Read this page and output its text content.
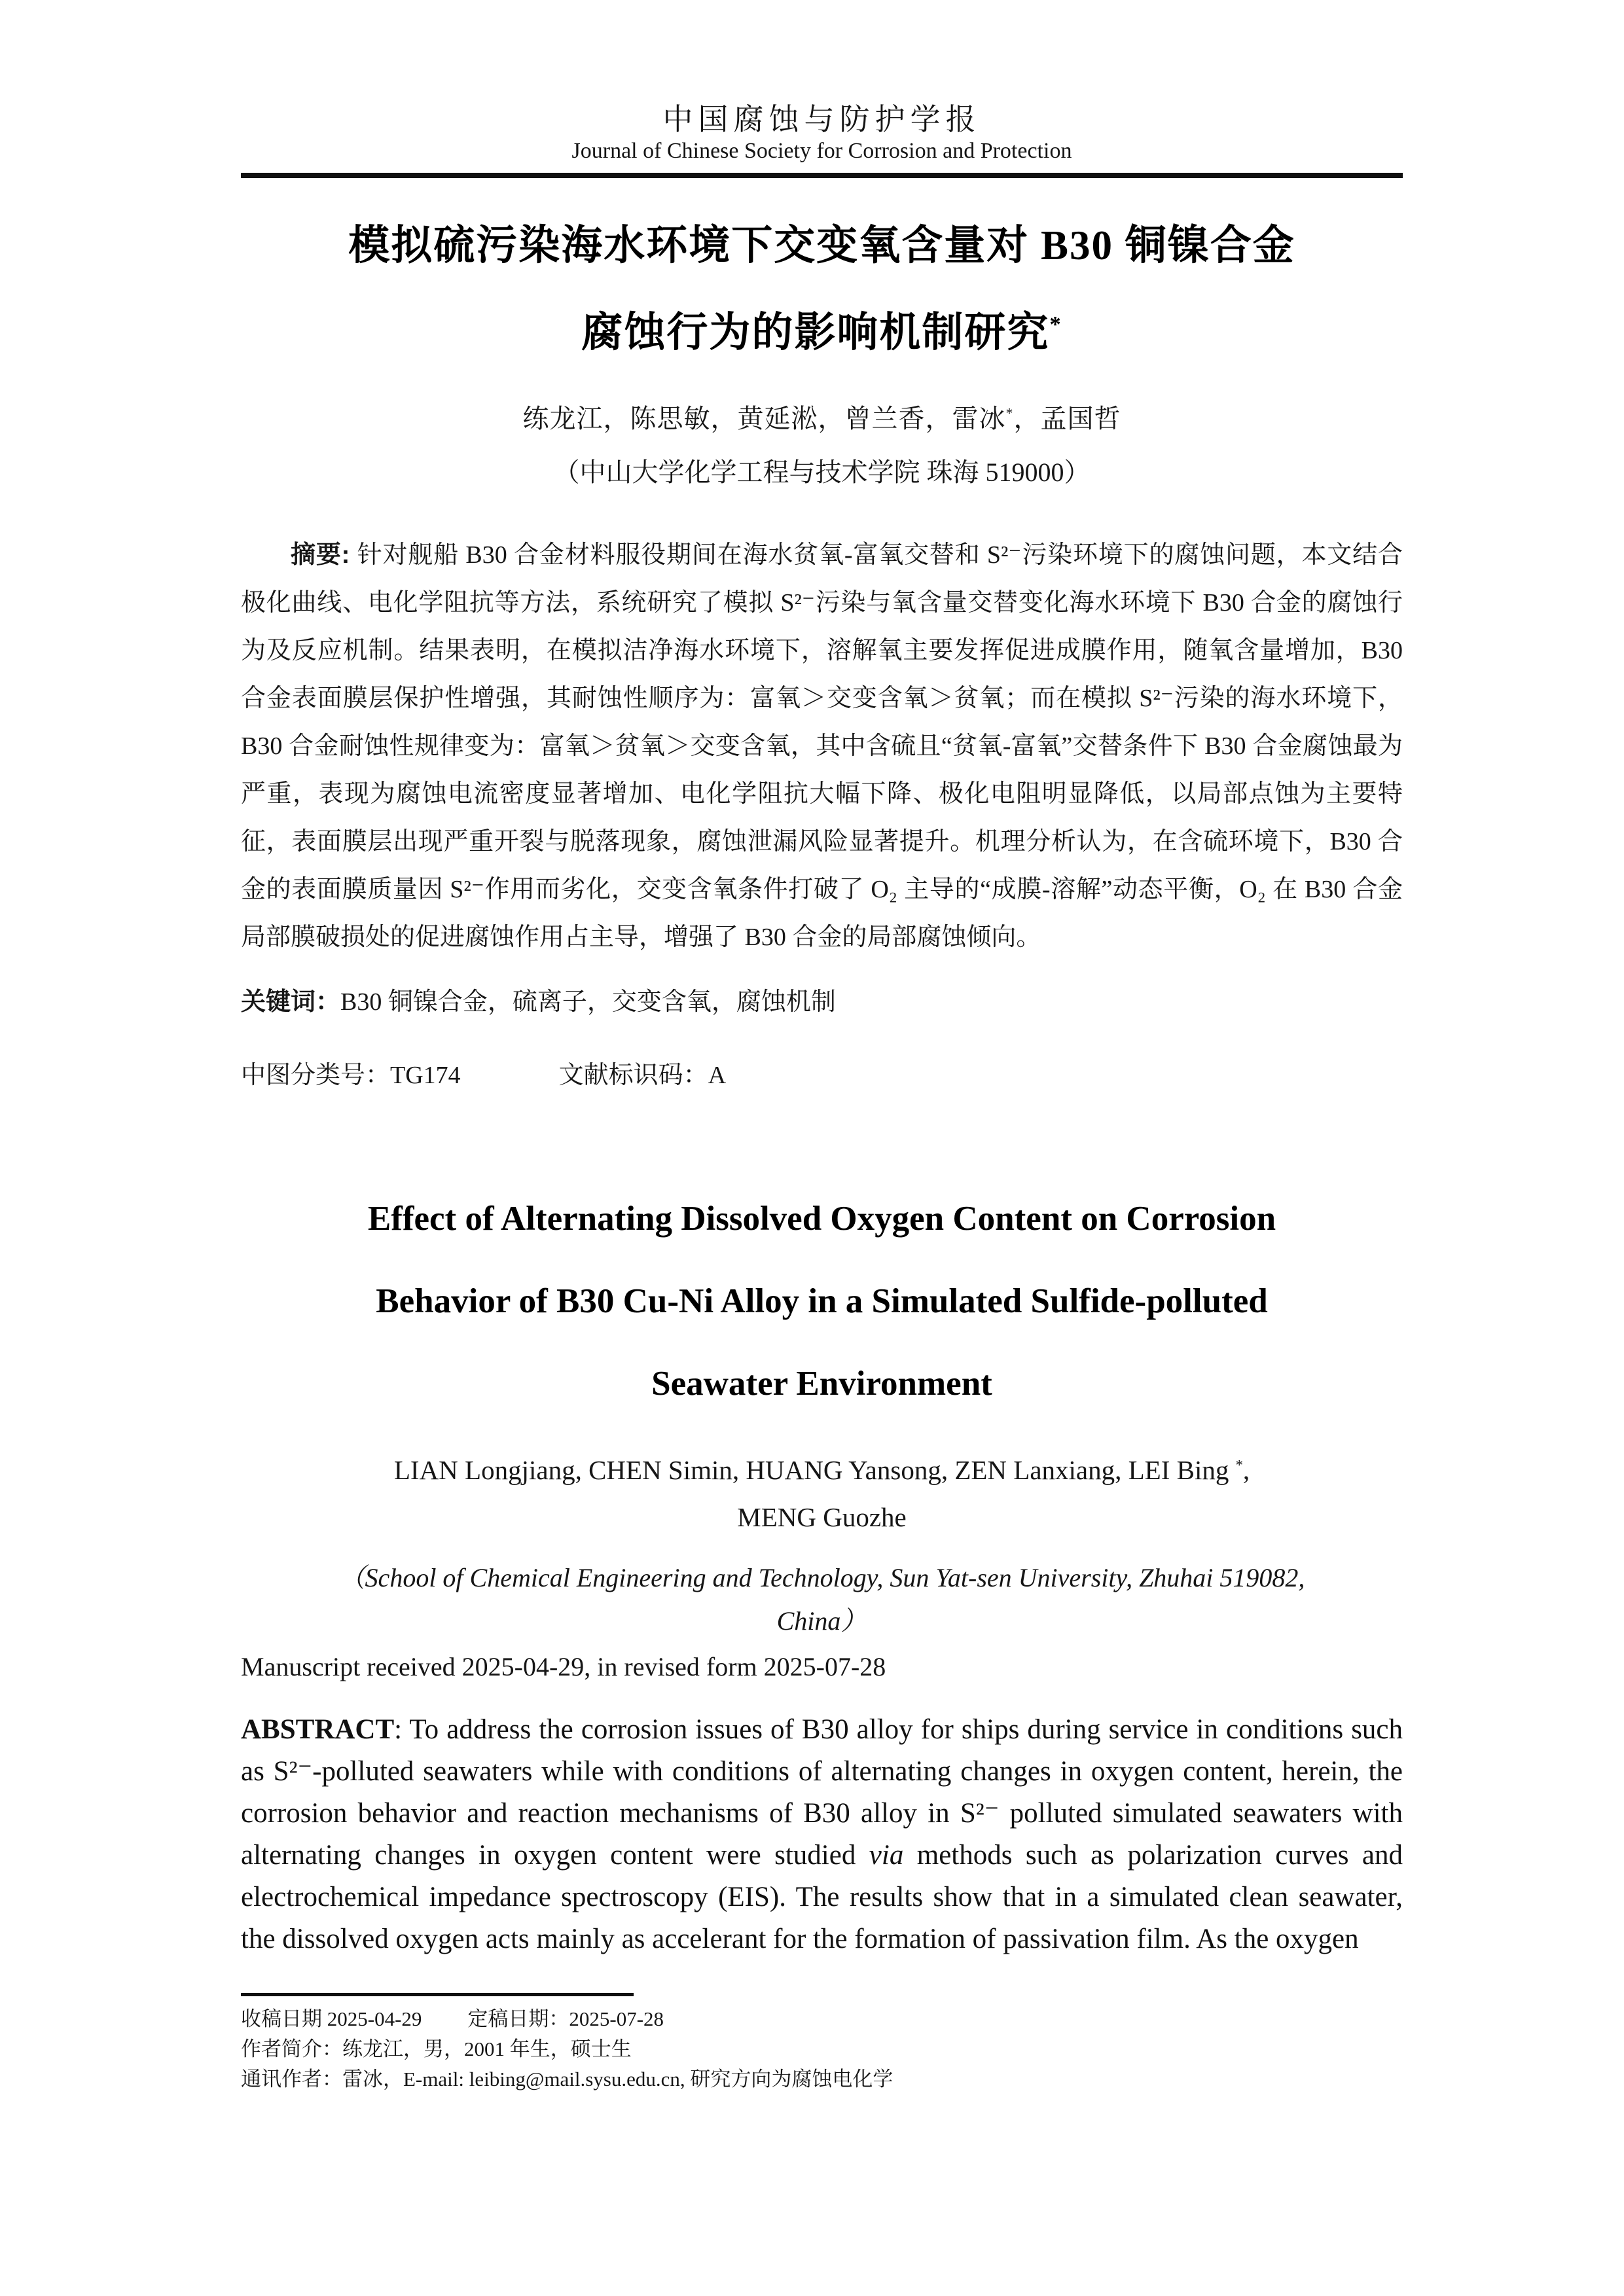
中国腐蚀与防护学报
Journal of Chinese Society for Corrosion and Protection
模拟硫污染海水环境下交变氧含量对 B30 铜镍合金
腐蚀行为的影响机制研究*
练龙江，陈思敏，黄延淞，曾兰香，雷冰*，孟国哲
（中山大学化学工程与技术学院 珠海 519000）

摘要: 针对舰船 B30 合金材料服役期间在海水贫氧-富氧交替和 S²⁻污染环境下的腐蚀问题，本文结合极化曲线、电化学阻抗等方法，系统研究了模拟 S²⁻污染与氧含量交替变化海水环境下 B30 合金的腐蚀行为及反应机制。结果表明，在模拟洁净海水环境下，溶解氧主要发挥促进成膜作用，随氧含量增加，B30 合金表面膜层保护性增强，其耐蚀性顺序为：富氧＞交变含氧＞贫氧；而在模拟 S²⁻污染的海水环境下，B30 合金耐蚀性规律变为：富氧＞贫氧＞交变含氧，其中含硫且“贫氧-富氧”交替条件下 B30 合金腐蚀最为严重，表现为腐蚀电流密度显著增加、电化学阻抗大幅下降、极化电阻明显降低，以局部点蚀为主要特征，表面膜层出现严重开裂与脱落现象，腐蚀泄漏风险显著提升。机理分析认为，在含硫环境下，B30 合金的表面膜质量因 S²⁻作用而劣化，交变含氧条件打破了 O₂ 主导的“成膜-溶解”动态平衡，O₂ 在 B30 合金局部膜破损处的促进腐蚀作用占主导，增强了 B30 合金的局部腐蚀倾向。

关键词：B30 铜镍合金，硫离子，交变含氧，腐蚀机制

中图分类号：TG174	文献标识码：A

Effect of Alternating Dissolved Oxygen Content on Corrosion
Behavior of B30 Cu-Ni Alloy in a Simulated Sulfide-polluted
Seawater Environment
LIAN Longjiang, CHEN Simin, HUANG Yansong, ZEN Lanxiang, LEI Bing *,
MENG Guozhe
（School of Chemical Engineering and Technology, Sun Yat-sen University, Zhuhai 519082,
China）

Manuscript received 2025-04-29, in revised form 2025-07-28

ABSTRACT: To address the corrosion issues of B30 alloy for ships during service in conditions such as S²⁻-polluted seawaters while with conditions of alternating changes in oxygen content, herein, the corrosion behavior and reaction mechanisms of B30 alloy in S²⁻ polluted simulated seawaters with alternating changes in oxygen content were studied via methods such as polarization curves and electrochemical impedance spectroscopy (EIS). The results show that in a simulated clean seawater, the dissolved oxygen acts mainly as accelerant for the formation of passivation film. As the oxygen

收稿日期 2025-04-29 定稿日期：2025-07-28
作者简介：练龙江，男，2001 年生，硕士生
通讯作者：雷冰，E-mail: leibing@mail.sysu.edu.cn, 研究方向为腐蚀电化学
